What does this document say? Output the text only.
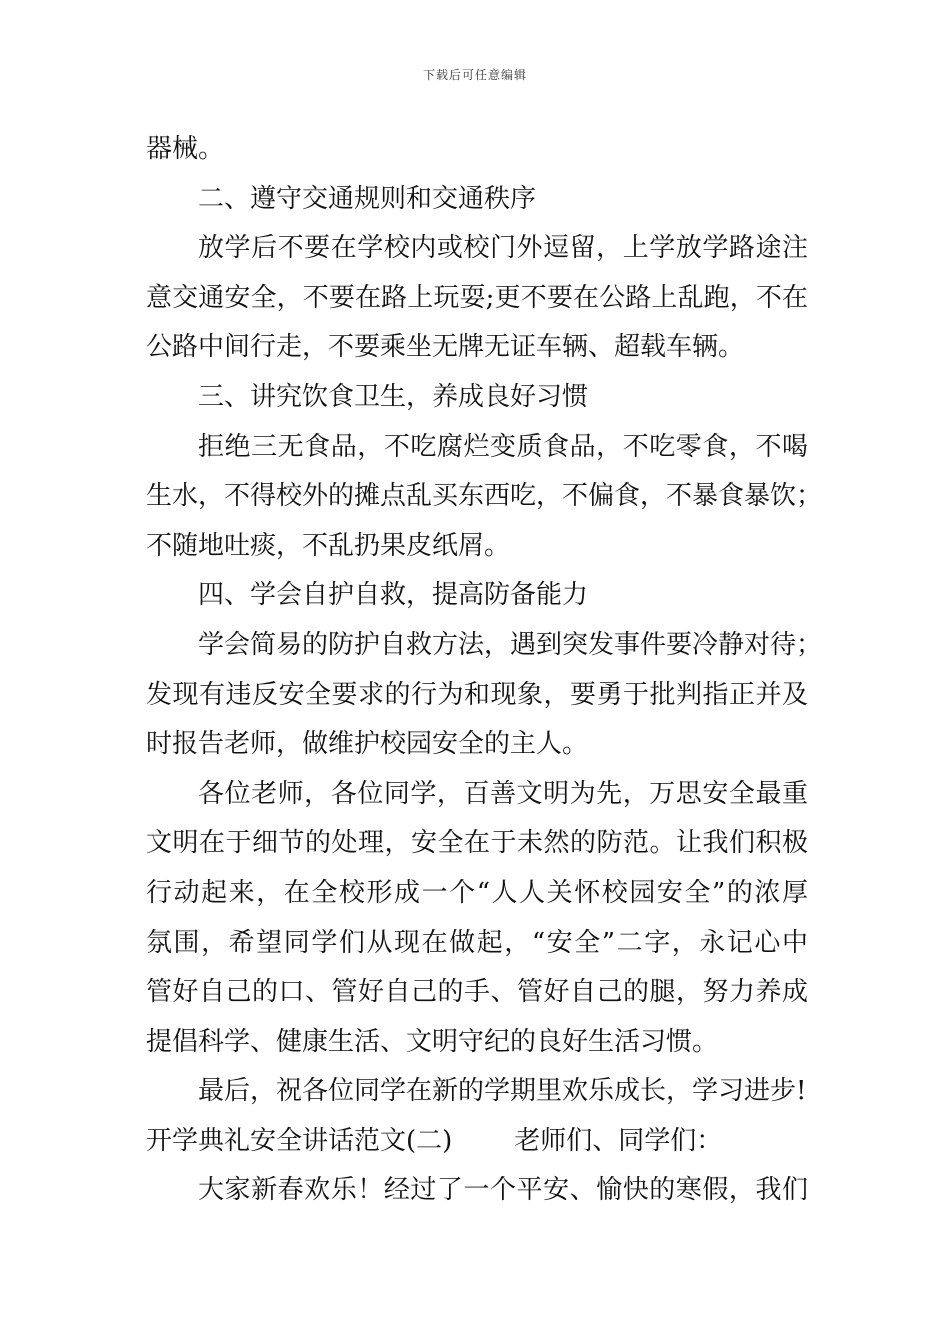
下载后可任意编辑
器械。
二、遵守交通规则和交通秩序
放学后不要在学校内或校门外逗留，上学放学路途注
意交通安全，不要在路上玩耍;更不要在公路上乱跑，不在
公路中间行走，不要乘坐无牌无证车辆、超载车辆。
三、讲究饮食卫生，养成良好习惯
拒绝三无食品，不吃腐烂变质食品，不吃零食，不喝
生水，不得校外的摊点乱买东西吃，不偏食，不暴食暴饮；
不随地吐痰，不乱扔果皮纸屑。
四、学会自护自救，提高防备能力
学会简易的防护自救方法，遇到突发事件要冷静对待；
发现有违反安全要求的行为和现象，要勇于批判指正并及
时报告老师，做维护校园安全的主人。
各位老师，各位同学，百善文明为先，万思安全最重
文明在于细节的处理，安全在于未然的防范。让我们积极
行动起来，在全校形成一个“人人关怀校园安全”的浓厚
氛围，希望同学们从现在做起，“安全”二字，永记心中
管好自己的口、管好自己的手、管好自己的腿，努力养成
提倡科学、健康生活、文明守纪的良好生活习惯。
最后，祝各位同学在新的学期里欢乐成长，学习进步!
开学典礼安全讲话范文(二) 老师们、同学们：
大家新春欢乐！经过了一个平安、愉快的寒假，我们
